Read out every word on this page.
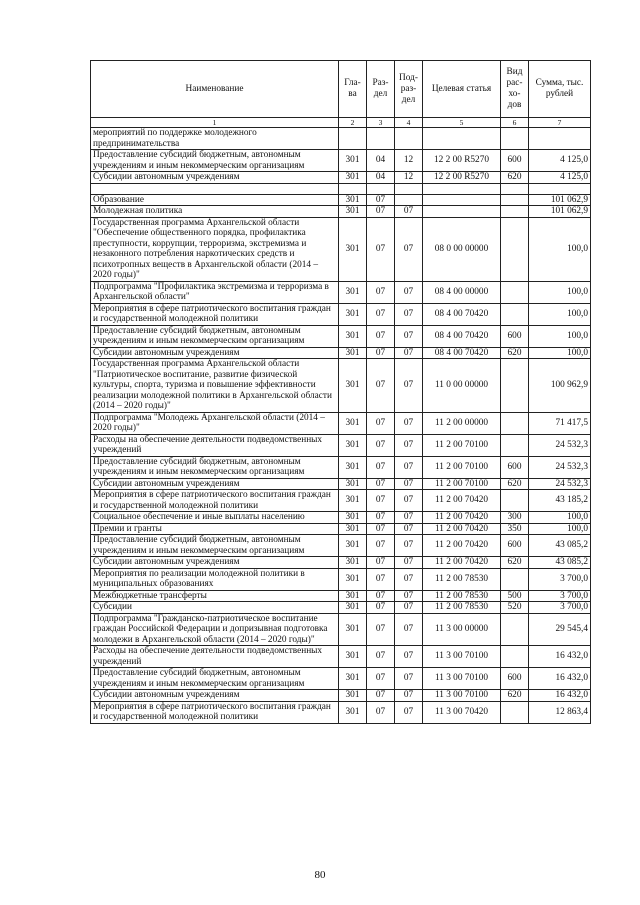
Наименование	Гла-ва	Раз-дел	Под-раз-дел	Целевая статья	Вид рас-хо-дов	Сумма, тыс. рублей
1	2	3	4	5	6	7
мероприятий по поддержке молодежного предпринимательства						
Предоставление субсидий бюджетным, автономным учреждениям и иным некоммерческим организациям	301	04	12	12 2 00 R5270	600	4 125,0
Субсидии автономным учреждениям	301	04	12	12 2 00 R5270	620	4 125,0

Образование	301	07				101 062,9
Молодежная политика	301	07	07			101 062,9
Государственная программа Архангельской области "Обеспечение общественного порядка, профилактика преступности, коррупции, терроризма, экстремизма и незаконного потребления наркотических средств и психотропных веществ в Архангельской области (2014 – 2020 годы)"	301	07	07	08 0 00 00000		100,0
Подпрограмма "Профилактика экстремизма и терроризма в Архангельской области"	301	07	07	08 4 00 00000		100,0
Мероприятия в сфере патриотического воспитания граждан и государственной молодежной политики	301	07	07	08 4 00 70420		100,0
Предоставление субсидий бюджетным, автономным учреждениям и иным некоммерческим организациям	301	07	07	08 4 00 70420	600	100,0
Субсидии автономным учреждениям	301	07	07	08 4 00 70420	620	100,0
Государственная программа Архангельской области "Патриотическое воспитание, развитие физической культуры, спорта, туризма и повышение эффективности реализации молодежной политики в Архангельской области (2014 – 2020 годы)"	301	07	07	11 0 00 00000		100 962,9
Подпрограмма "Молодежь Архангельской области (2014 – 2020 годы)"	301	07	07	11 2 00 00000		71 417,5
Расходы на обеспечение деятельности подведомственных учреждений	301	07	07	11 2 00 70100		24 532,3
Предоставление субсидий бюджетным, автономным учреждениям и иным некоммерческим организациям	301	07	07	11 2 00 70100	600	24 532,3
Субсидии автономным учреждениям	301	07	07	11 2 00 70100	620	24 532,3
Мероприятия в сфере патриотического воспитания граждан и государственной молодежной политики	301	07	07	11 2 00 70420		43 185,2
Социальное обеспечение и иные выплаты населению	301	07	07	11 2 00 70420	300	100,0
Премии и гранты	301	07	07	11 2 00 70420	350	100,0
Предоставление субсидий бюджетным, автономным учреждениям и иным некоммерческим организациям	301	07	07	11 2 00 70420	600	43 085,2
Субсидии автономным учреждениям	301	07	07	11 2 00 70420	620	43 085,2
Мероприятия по реализации молодежной политики в муниципальных образованиях	301	07	07	11 2 00 78530		3 700,0
Межбюджетные трансферты	301	07	07	11 2 00 78530	500	3 700,0
Субсидии	301	07	07	11 2 00 78530	520	3 700,0
Подпрограмма "Гражданско-патриотическое воспитание граждан Российской Федерации и допризывная подготовка молодежи в Архангельской области (2014 – 2020 годы)"	301	07	07	11 3 00 00000		29 545,4
Расходы на обеспечение деятельности подведомственных учреждений	301	07	07	11 3 00 70100		16 432,0
Предоставление субсидий бюджетным, автономным учреждениям и иным некоммерческим организациям	301	07	07	11 3 00 70100	600	16 432,0
Субсидии автономным учреждениям	301	07	07	11 3 00 70100	620	16 432,0
Мероприятия в сфере патриотического воспитания граждан и государственной молодежной политики	301	07	07	11 3 00 70420		12 863,4
80
